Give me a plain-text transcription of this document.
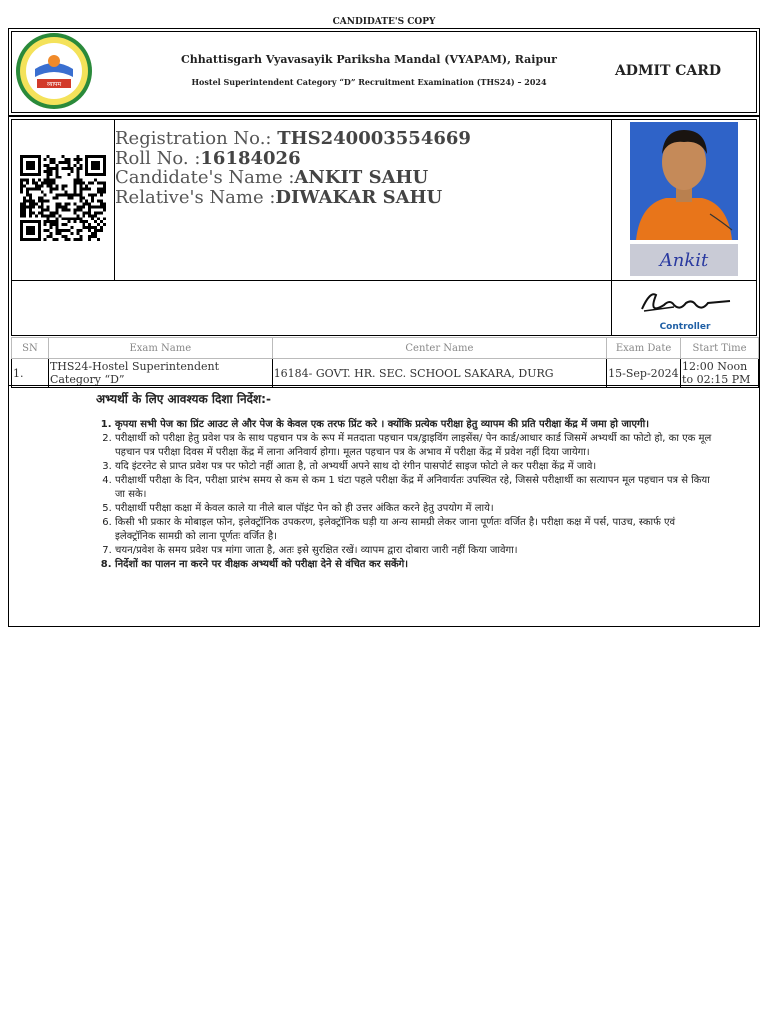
CANDIDATE'S COPY
व्यापम
Chhattisgarh Vyavasayik Pariksha Mandal (VYAPAM), Raipur
Hostel Superintendent Category “D” Recruitment Examination (THS24) – 2024
ADMIT CARD
Registration No.: THS240003554669
Roll No. :16184026
Candidate's Name :ANKIT SAHU
Relative's Name :DIWAKAR SAHU
Ankit
Controller
SN	Exam Name	Center Name	Exam Date	Start Time
1.	THS24-Hostel Superintendent Category “D”	16184- GOVT. HR. SEC. SCHOOL SAKARA, DURG	15-Sep-2024	12:00 Noon to 02:15 PM
अभ्यर्थी के लिए आवश्यक दिशा निर्देश:-
1. कृपया सभी पेज का प्रिंट आउट ले और पेज के केवल एक तरफ प्रिंट करे । क्योंकि प्रत्येक परीक्षा हेतु व्यापम की प्रति परीक्षा केंद्र में जमा हो जाएगी।
2. परीक्षार्थी को परीक्षा हेतु प्रवेश पत्र के साथ पहचान पत्र के रूप में मतदाता पहचान पत्र/ड्राइविंग लाइसेंस/ पेन कार्ड/आधार कार्ड जिसमें अभ्यर्थी का फोटो हो, का एक मूल पहचान पत्र परीक्षा दिवस में परीक्षा केंद्र में लाना अनिवार्य होगा। मूलत पहचान पत्र के अभाव में परीक्षा केंद्र में प्रवेश नहीं दिया जायेगा।
3. यदि इंटरनेट से प्राप्त प्रवेश पत्र पर फोटो नहीं आता है, तो अभ्यर्थी अपने साथ दो रंगीन पासपोर्ट साइज फोटो ले कर परीक्षा केंद्र में जावे।
4. परीक्षार्थी परीक्षा के दिन, परीक्षा प्रारंभ समय से कम से कम 1 घंटा पहले परीक्षा केंद्र में अनिवार्यतः उपस्थित रहे, जिससे परीक्षार्थी का सत्यापन मूल पहचान पत्र से किया जा सके।
5. परीक्षार्थी परीक्षा कक्षा में केवल काले या नीले बाल पॉइंट पेन को ही उत्तर अंकित करने हेतु उपयोग में लाये।
6. किसी भी प्रकार के मोबाइल फोन, इलेक्ट्रॉनिक उपकरण, इलेक्ट्रॉनिक घड़ी या अन्य सामग्री लेकर जाना पूर्णतः वर्जित है। परीक्षा कक्ष में पर्स, पाउच, स्कार्फ एवं इलेक्ट्रॉनिक सामग्री को लाना पूर्णतः वर्जित है।
7. चयन/प्रवेश के समय प्रवेश पत्र मांगा जाता है, अतः इसे सुरक्षित रखें। व्यापम द्वारा दोबारा जारी नहीं किया जावेगा।
8. निर्देशों का पालन ना करने पर वीक्षक अभ्यर्थी को परीक्षा देने से वंचित कर सकेंगे।
